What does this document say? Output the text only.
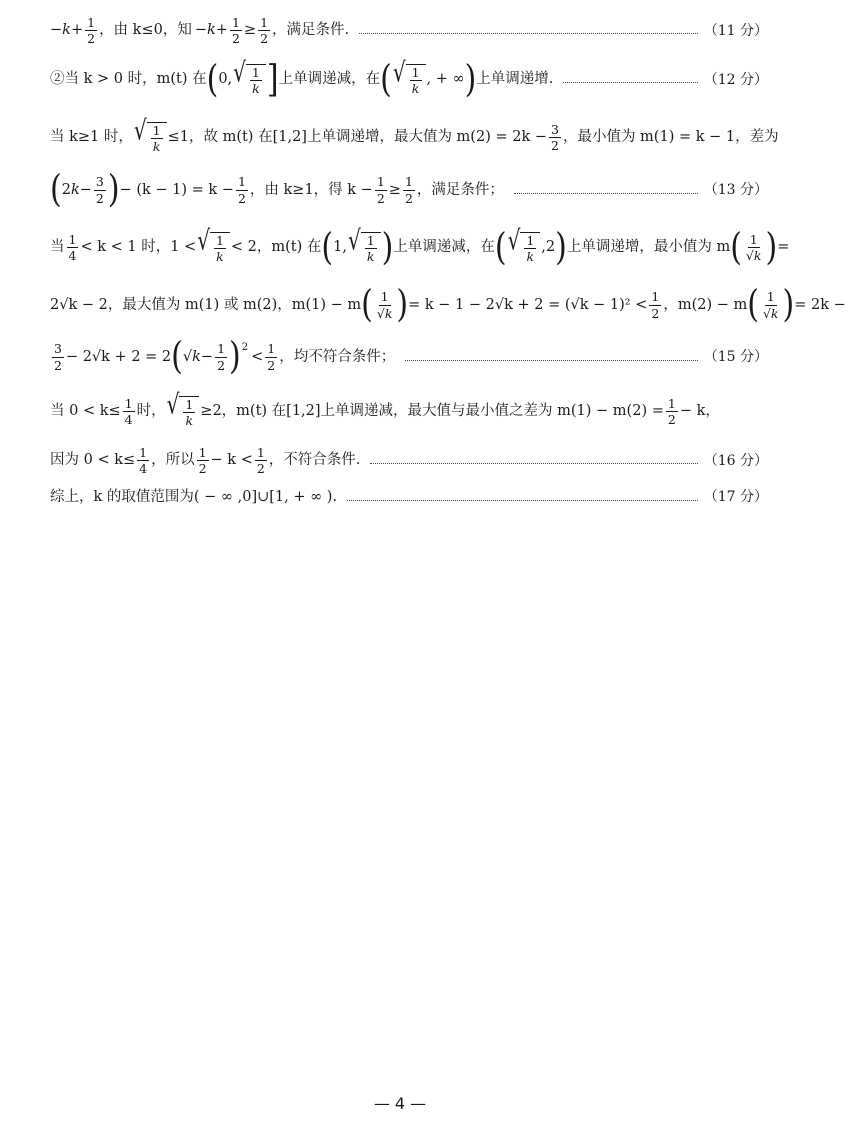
− $k + \frac{1}{2}$ ，由 k≤0，知 − $k + \frac{1}{2} \ge \frac{1}{2}$ ，满足条件.	（11 分）
②当 k > 0 时，m(t) 在 ( 0, √ $\frac{1}{k}$ ] 上单调递减，在 ( √ $\frac{1}{k}$ , + ∞ ) 上单调递增.	（12 分）
当 k≥1 时， √ $\frac{1}{k} \le 1$，故 m(t) 在[1,2]上单调递增，最大值为 $m(2) = 2k - \frac{3}{2}$ ，最小值为 m(1) = k − 1，差为
( 2 $k - \frac{3}{2}$ ) − $(k - 1) = k - \frac{1}{2}$ ，由 k≥1，得 $k - \frac{1}{2} \ge \frac{1}{2}$ ，满足条件；	（13 分）
当 $\frac{1}{4} < k < 1$ 时，1 < √ $\frac{1}{k} < 2$，m(t) 在 ( 1, √ $\frac{1}{k}$ ) 上单调递减，在 ( √ $\frac{1}{k} ,2$ ) 上单调递增，最小值为 m ( $\frac{1}{√k}$ ) =
2√k − 2，最大值为 m(1) 或 m(2)，m(1) − m ( $\frac{1}{√k}$ ) = $k - 1 - 2√k + 2 = (√k - 1)^2 < \frac{1}{2}$ ，m(2) − m ( $\frac{1}{√k}$ ) = 2k −
$\frac{3}{2} - 2√k + 2 = 2$ ( √ $k - \frac{1}{2}$ ) 2
< $\frac{1}{2}$ ，均不符合条件；	（15 分）
当 $0 < k\le \frac{1}{4}$ 时， √ $\frac{1}{k} \ge 2$，m(t) 在[1,2]上单调递减，最大值与最小值之差为 $m(1) - m(2) = \frac{1}{2} - k$，
因为 $0 < k\le \frac{1}{4}$ ，所以 $\frac{1}{2} - k < \frac{1}{2}$ ，不符合条件.	（16 分）
综上，k 的取值范围为( − ∞ ,0]∪[1, + ∞ ).	（17 分）
— 4 —
